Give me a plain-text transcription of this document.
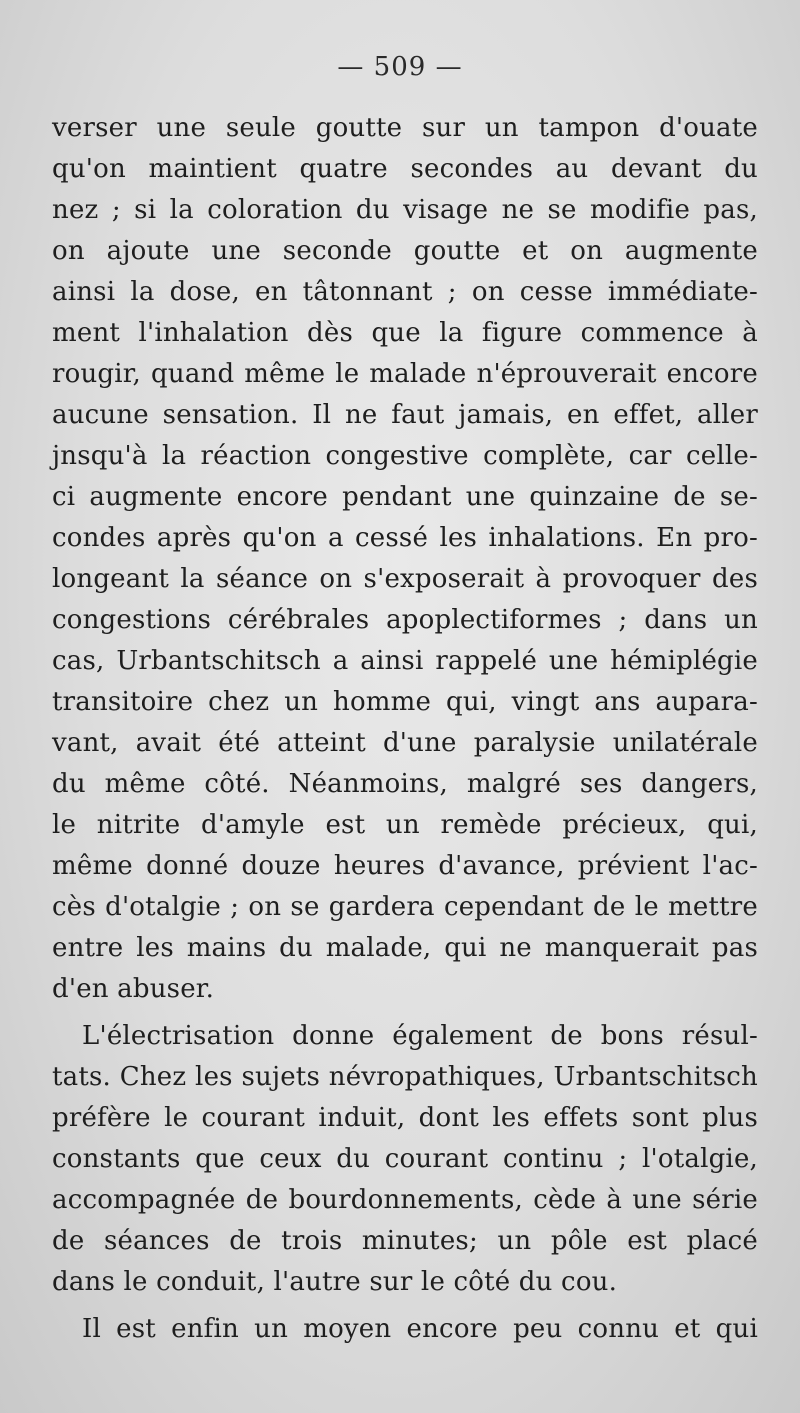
— 509 —
verser une seule goutte sur un tampon d'ouate
qu'on maintient quatre secondes au devant du
nez ; si la coloration du visage ne se modifie pas,
on ajoute une seconde goutte et on augmente
ainsi la dose, en tâtonnant ; on cesse immédiate-
ment l'inhalation dès que la figure commence à
rougir, quand même le malade n'éprouverait encore
aucune sensation. Il ne faut jamais, en effet, aller
jnsqu'à la réaction congestive complète, car celle-
ci augmente encore pendant une quinzaine de se-
condes après qu'on a cessé les inhalations. En pro-
longeant la séance on s'exposerait à provoquer des
congestions cérébrales apoplectiformes ; dans un
cas, Urbantschitsch a ainsi rappelé une hémiplégie
transitoire chez un homme qui, vingt ans aupara-
vant, avait été atteint d'une paralysie unilatérale
du même côté. Néanmoins, malgré ses dangers,
le nitrite d'amyle est un remède précieux, qui,
même donné douze heures d'avance, prévient l'ac-
cès d'otalgie ; on se gardera cependant de le mettre
entre les mains du malade, qui ne manquerait pas
d'en abuser.
L'électrisation donne également de bons résul-
tats. Chez les sujets névropathiques, Urbantschitsch
préfère le courant induit, dont les effets sont plus
constants que ceux du courant continu ; l'otalgie,
accompagnée de bourdonnements, cède à une série
de séances de trois minutes; un pôle est placé
dans le conduit, l'autre sur le côté du cou.
Il est enfin un moyen encore peu connu et qui
